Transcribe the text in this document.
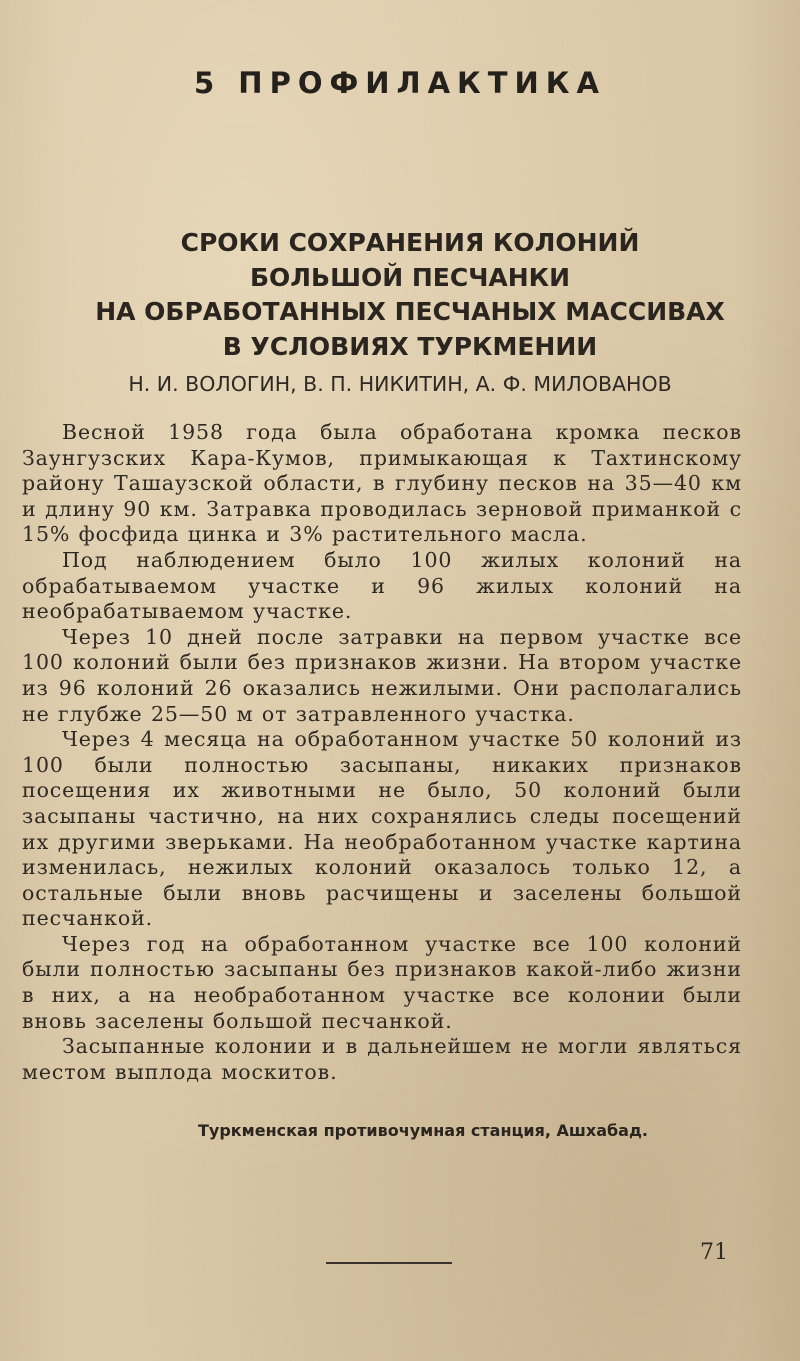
5 ПРОФИЛАКТИКА
СРОКИ СОХРАНЕНИЯ КОЛОНИЙ
БОЛЬШОЙ ПЕСЧАНКИ
НА ОБРАБОТАННЫХ ПЕСЧАНЫХ МАССИВАХ
В УСЛОВИЯХ ТУРКМЕНИИ

Н. И. ВОЛОГИН, В. П. НИКИТИН, А. Ф. МИЛОВАНОВ

Весной 1958 года была обработана кромка песков Заунгузских Кара-Кумов, примыкающая к Тахтинскому району Ташаузской области, в глубину песков на 35—40 км и длину 90 км. Затравка проводилась зерновой приманкой с 15% фосфида цинка и 3% растительного масла.

Под наблюдением было 100 жилых колоний на обрабатываемом участке и 96 жилых колоний на необрабатываемом участке.

Через 10 дней после затравки на первом участке все 100 колоний были без признаков жизни. На втором участке из 96 колоний 26 оказались нежилыми. Они располагались не глубже 25—50 м от затравленного участка.

Через 4 месяца на обработанном участке 50 колоний из 100 были полностью засыпаны, никаких признаков посещения их животными не было, 50 колоний были засыпаны частично, на них сохранялись следы посещений их другими зверьками. На необработанном участке картина изменилась, нежилых колоний оказалось только 12, а остальные были вновь расчищены и заселены большой песчанкой.

Через год на обработанном участке все 100 колоний были полностью засыпаны без признаков какой-либо жизни в них, а на необработанном участке все колонии были вновь заселены большой песчанкой.

Засыпанные колонии и в дальнейшем не могли являться местом выплода москитов.

Туркменская противочумная станция, Ашхабад.

71
